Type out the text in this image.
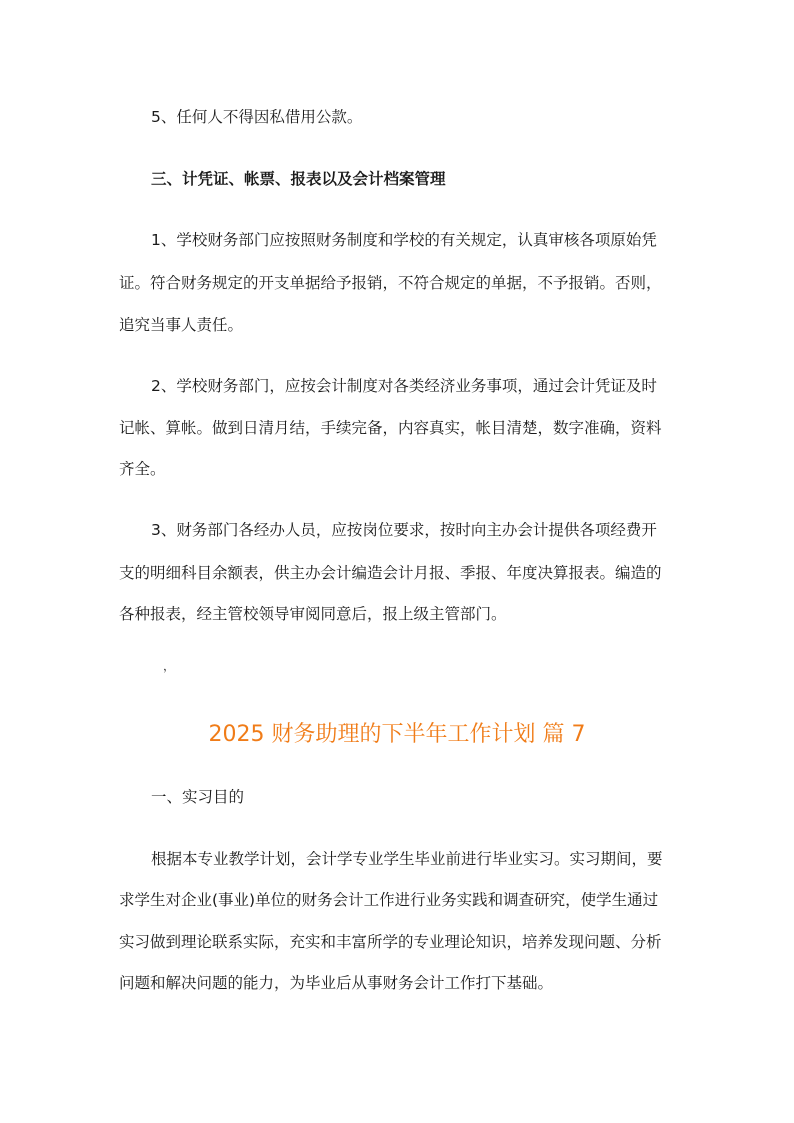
5、任何人不得因私借用公款。
三、计凭证、帐票、报表以及会计档案管理
1、学校财务部门应按照财务制度和学校的有关规定，认真审核各项原始凭
证。符合财务规定的开支单据给予报销，不符合规定的单据，不予报销。否则，
追究当事人责任。
2、学校财务部门，应按会计制度对各类经济业务事项，通过会计凭证及时
记帐、算帐。做到日清月结，手续完备，内容真实，帐目清楚，数字准确，资料
齐全。
3、财务部门各经办人员，应按岗位要求，按时向主办会计提供各项经费开
支的明细科目余额表，供主办会计编造会计月报、季报、年度决算报表。编造的
各种报表，经主管校领导审阅同意后，报上级主管部门。
，
2025 财务助理的下半年工作计划 篇 7
一、实习目的
根据本专业教学计划，会计学专业学生毕业前进行毕业实习。实习期间，要
求学生对企业(事业)单位的财务会计工作进行业务实践和调查研究，使学生通过
实习做到理论联系实际，充实和丰富所学的专业理论知识，培养发现问题、分析
问题和解决问题的能力，为毕业后从事财务会计工作打下基础。
